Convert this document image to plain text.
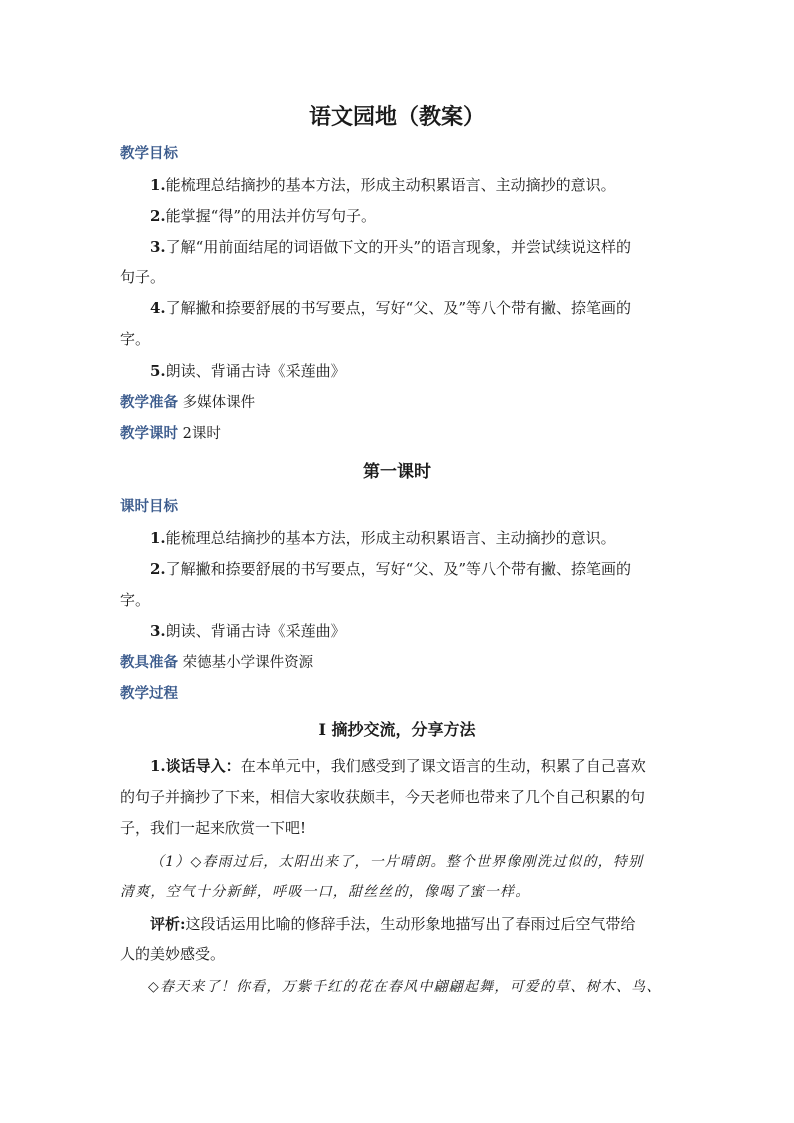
语文园地（教案）
教学目标
1.能梳理总结摘抄的基本方法，形成主动积累语言、主动摘抄的意识。
2.能掌握“得”的用法并仿写句子。
3.了解“用前面结尾的词语做下文的开头”的语言现象，并尝试续说这样的
句子。
4.了解撇和捺要舒展的书写要点，写好“父、及”等八个带有撇、捺笔画的
字。
5.朗读、背诵古诗《采莲曲》
教学准备 多媒体课件
教学课时 2课时
第一课时
课时目标
1.能梳理总结摘抄的基本方法，形成主动积累语言、主动摘抄的意识。
2.了解撇和捺要舒展的书写要点，写好“父、及”等八个带有撇、捺笔画的
字。
3.朗读、背诵古诗《采莲曲》
教具准备 荣德基小学课件资源
教学过程
Ⅰ 摘抄交流，分享方法
1.谈话导入：在本单元中，我们感受到了课文语言的生动，积累了自己喜欢
的句子并摘抄了下来，相信大家收获颇丰，今天老师也带来了几个自己积累的句
子，我们一起来欣赏一下吧!
（1）◇春雨过后，太阳出来了，一片晴朗。整个世界像刚洗过似的，特别
清爽，空气十分新鲜，呼吸一口，甜丝丝的，像喝了蜜一样。
评析:这段话运用比喻的修辞手法，生动形象地描写出了春雨过后空气带给
人的美妙感受。
◇春天来了！你看，万紫千红的花在春风中翩翩起舞，可爱的草、树木、鸟、
